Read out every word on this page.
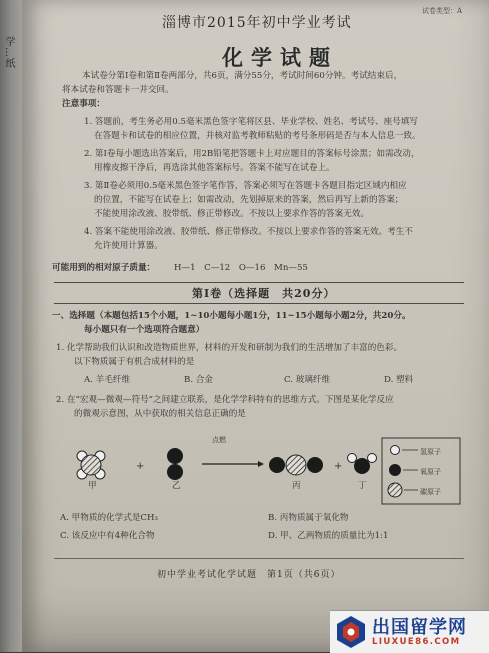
学…纸
淄博市2015年初中学业考试
试卷类型：A
化学试题
本试卷分第Ⅰ卷和第Ⅱ卷两部分，共6页，满分55分，考试时间60分钟。考试结束后，
将本试卷和答题卡一并交回。
注意事项：
1. 答题前，考生务必用0.5毫米黑色签字笔将区县、毕业学校、姓名、考试号、座号填写
在答题卡和试卷的相应位置，并核对监考教师粘贴的考号条形码是否与本人信息一致。
2. 第Ⅰ卷每小题选出答案后，用2B铅笔把答题卡上对应题目的答案标号涂黑；如需改动，
用橡皮擦干净后，再选涂其他答案标号。答案不能写在试卷上。
3. 第Ⅱ卷必须用0.5毫米黑色签字笔作答，答案必须写在答题卡各题目指定区域内相应
的位置，不能写在试卷上；如需改动，先划掉原来的答案，然后再写上新的答案；
不能使用涂改液、胶带纸、修正带修改。不按以上要求作答的答案无效。
4. 答案不能使用涂改液、胶带纸、修正带修改。不按以上要求作答的答案无效。考生不
允许使用计算器。
可能用到的相对原子质量： H—1　C—12　O—16　Mn—55
第Ⅰ卷（选择题　共20分）
一、选择题（本题包括15个小题，1~10小题每小题1分，11~15小题每小题2分，共20分。
每小题只有一个选项符合题意）
1. 化学帮助我们认识和改造物质世界，材料的开发和研制为我们的生活增加了丰富的色彩。
以下物质属于有机合成材料的是
A. 羊毛纤维	B. 合金	C. 玻璃纤维	D. 塑料
2. 在“宏观—微观—符号”之间建立联系，是化学学科特有的思维方式。下图是某化学反应
的微观示意图，从中获取的相关信息正确的是
+	+
点燃
氢原子
氧原子
碳原子
甲	乙	丙	丁
A. 甲物质的化学式是CH₃	B. 丙物质属于氧化物
C. 该反应中有4种化合物	D. 甲、乙两物质的质量比为1:1
初中学业考试化学试题　第1页（共6页）
出国留学网
LIUXUE86.COM
